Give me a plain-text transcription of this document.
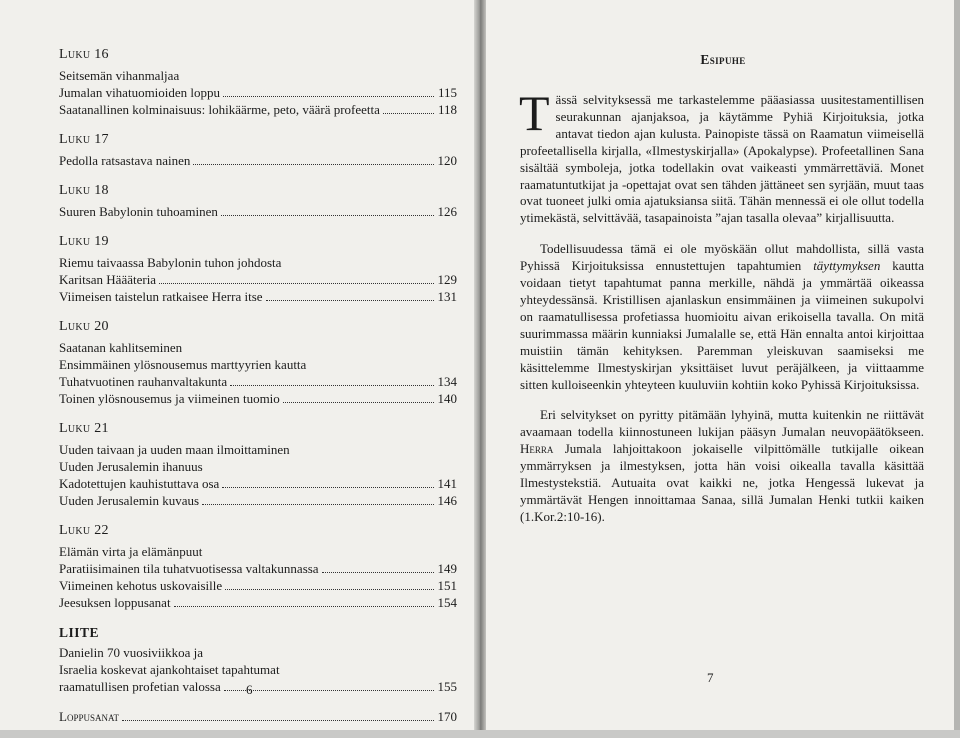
Luku 16
Seitsemän vihanmaljaa
Jumalan vihatuomioiden loppu	115
Saatanallinen kolminaisuus: lohikäärme, peto, väärä profeetta	118
Luku 17
Pedolla ratsastava nainen	120
Luku 18
Suuren Babylonin tuhoaminen	126
Luku 19
Riemu taivaassa Babylonin tuhon johdosta
Karitsan Häääteria	129
Viimeisen taistelun ratkaisee Herra itse	131
Luku 20
Saatanan kahlitseminen
Ensimmäinen ylösnousemus marttyyrien kautta
Tuhatvuotinen rauhanvaltakunta	134
Toinen ylösnousemus ja viimeinen tuomio	140
Luku 21
Uuden taivaan ja uuden maan ilmoittaminen
Uuden Jerusalemin ihanuus
Kadotettujen kauhistuttava osa	141
Uuden Jerusalemin kuvaus	146
Luku 22
Elämän virta ja elämänpuut
Paratiisimainen tila tuhatvuotisessa valtakunnassa	149
Viimeinen kehotus uskovaisille	151
Jeesuksen loppusanat	154
LIITE
Danielin 70 vuosiviikkoa ja
Israelia koskevat ajankohtaiset tapahtumat
raamatullisen profetian valossa	155
Loppusanat	170
6
Esipuhe

Tässä selvityksessä me tarkastelemme pääasiassa uusitestamentillisen seurakunnan ajanjaksoa, ja käytämme Pyhiä Kirjoituksia, jotka antavat tiedon ajan kulusta. Painopiste tässä on Raamatun viimeisellä profeetallisella kirjalla, «Ilmestyskirjalla» (Apokalypse). Profeetallinen Sana sisältää symboleja, jotka todellakin ovat vaikeasti ymmärrettäviä. Monet raamatuntutkijat ja -opettajat ovat sen tähden jättäneet sen syrjään, muut taas ovat tuoneet julki omia ajatuksiansa siitä. Tähän mennessä ei ole ollut todella ytimekästä, selvittävää, tasapainoista ”ajan tasalla olevaa” kirjallisuutta.

Todellisuudessa tämä ei ole myöskään ollut mahdollista, sillä vasta Pyhissä Kirjoituksissa ennustettujen tapahtumien täyttymyksen kautta voidaan tietyt tapahtumat panna merkille, nähdä ja ymmärtää oikeassa yhteydessänsä. Kristillisen ajanlaskun ensimmäinen ja viimeinen sukupolvi on raamatullisessa profetiassa huomioitu aivan erikoisella tavalla. On mitä suurimmassa määrin kunniaksi Jumalalle se, että Hän ennalta antoi kirjoittaa muistiin tämän kehityksen. Paremman yleiskuvan saamiseksi me käsittelemme Ilmestyskirjan yksittäiset luvut peräjälkeen, ja viittaamme sitten kulloiseenkin yhteyteen kuuluviin kohtiin koko Pyhissä Kirjoituksissa.

Eri selvitykset on pyritty pitämään lyhyinä, mutta kuitenkin ne riittävät avaamaan todella kiinnostuneen lukijan pääsyn Jumalan neuvopäätökseen. Herra Jumala lahjoittakoon jokaiselle vilpittömälle tutkijalle oikean ymmärryksen ja ilmestyksen, jotta hän voisi oikealla tavalla käsittää Ilmestystekstiä. Autuaita ovat kaikki ne, jotka Hengessä lukevat ja ymmärtävät Hengen innoittamaa Sanaa, sillä Jumalan Henki tutkii kaiken (1.Kor.2:10-16).

7
